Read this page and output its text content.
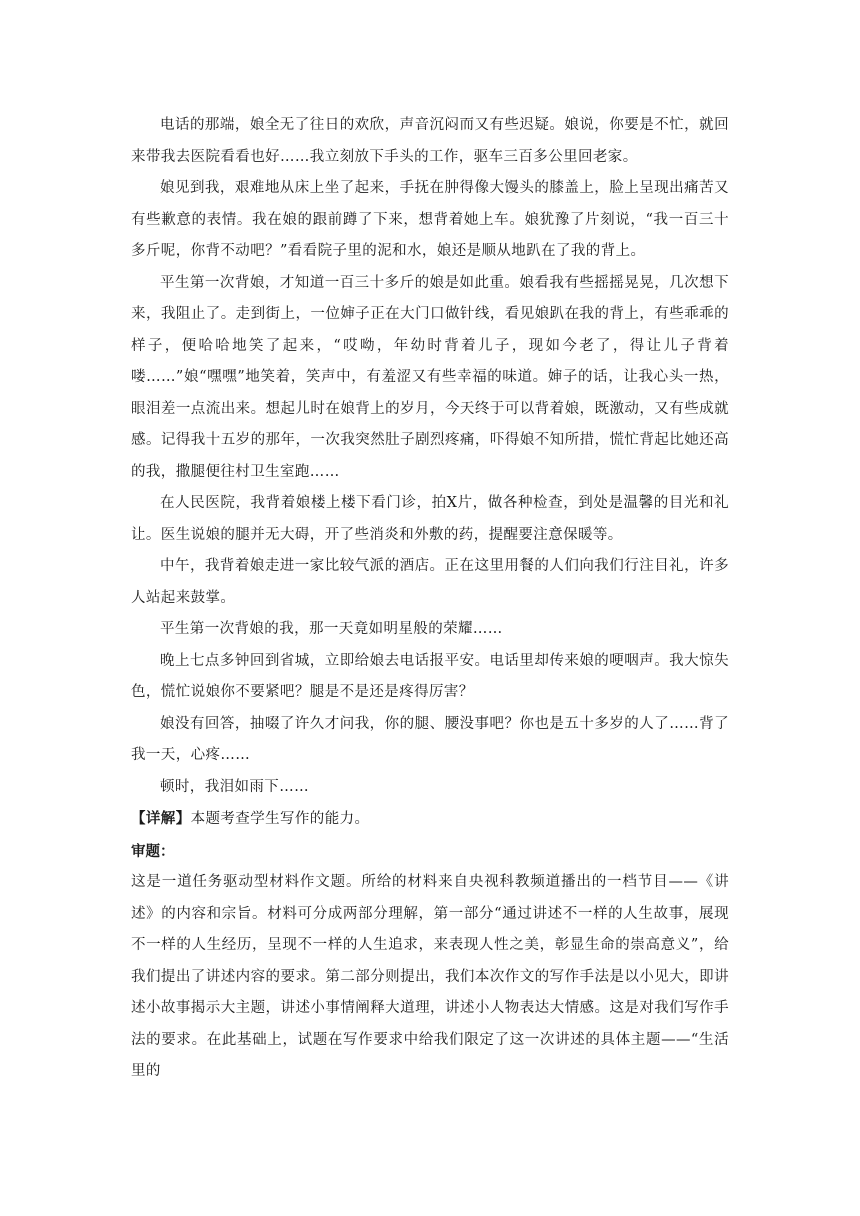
电话的那端，娘全无了往日的欢欣，声音沉闷而又有些迟疑。娘说，你要是不忙，就回来带我去医院看看也好……我立刻放下手头的工作，驱车三百多公里回老家。

娘见到我，艰难地从床上坐了起来，手抚在肿得像大馒头的膝盖上，脸上呈现出痛苦又有些歉意的表情。我在娘的跟前蹲了下来，想背着她上车。娘犹豫了片刻说，“我一百三十多斤呢，你背不动吧？”看看院子里的泥和水，娘还是顺从地趴在了我的背上。

平生第一次背娘，才知道一百三十多斤的娘是如此重。娘看我有些摇摇晃晃，几次想下来，我阻止了。走到街上，一位婶子正在大门口做针线，看见娘趴在我的背上，有些乖乖的样子，便哈哈地笑了起来，“哎呦，年幼时背着儿子，现如今老了，得让儿子背着喽……”娘“嘿嘿”地笑着，笑声中，有羞涩又有些幸福的味道。婶子的话，让我心头一热，眼泪差一点流出来。想起儿时在娘背上的岁月，今天终于可以背着娘，既激动，又有些成就感。记得我十五岁的那年，一次我突然肚子剧烈疼痛，吓得娘不知所措，慌忙背起比她还高的我，撒腿便往村卫生室跑……

在人民医院，我背着娘楼上楼下看门诊，拍X片，做各种检查，到处是温馨的目光和礼让。医生说娘的腿并无大碍，开了些消炎和外敷的药，提醒要注意保暖等。

中午，我背着娘走进一家比较气派的酒店。正在这里用餐的人们向我们行注目礼，许多人站起来鼓掌。

平生第一次背娘的我，那一天竟如明星般的荣耀……

晚上七点多钟回到省城，立即给娘去电话报平安。电话里却传来娘的哽咽声。我大惊失色，慌忙说娘你不要紧吧？腿是不是还是疼得厉害？

娘没有回答，抽啜了许久才问我，你的腿、腰没事吧？你也是五十多岁的人了……背了我一天，心疼……

顿时，我泪如雨下……

【详解】本题考查学生写作的能力。

审题：

这是一道任务驱动型材料作文题。所给的材料来自央视科教频道播出的一档节目——《讲述》的内容和宗旨。材料可分成两部分理解，第一部分“通过讲述不一样的人生故事，展现不一样的人生经历，呈现不一样的人生追求，来表现人性之美，彰显生命的崇高意义”，给我们提出了讲述内容的要求。第二部分则提出，我们本次作文的写作手法是以小见大，即讲述小故事揭示大主题，讲述小事情阐释大道理，讲述小人物表达大情感。这是对我们写作手法的要求。在此基础上，试题在写作要求中给我们限定了这一次讲述的具体主题——“生活里的
